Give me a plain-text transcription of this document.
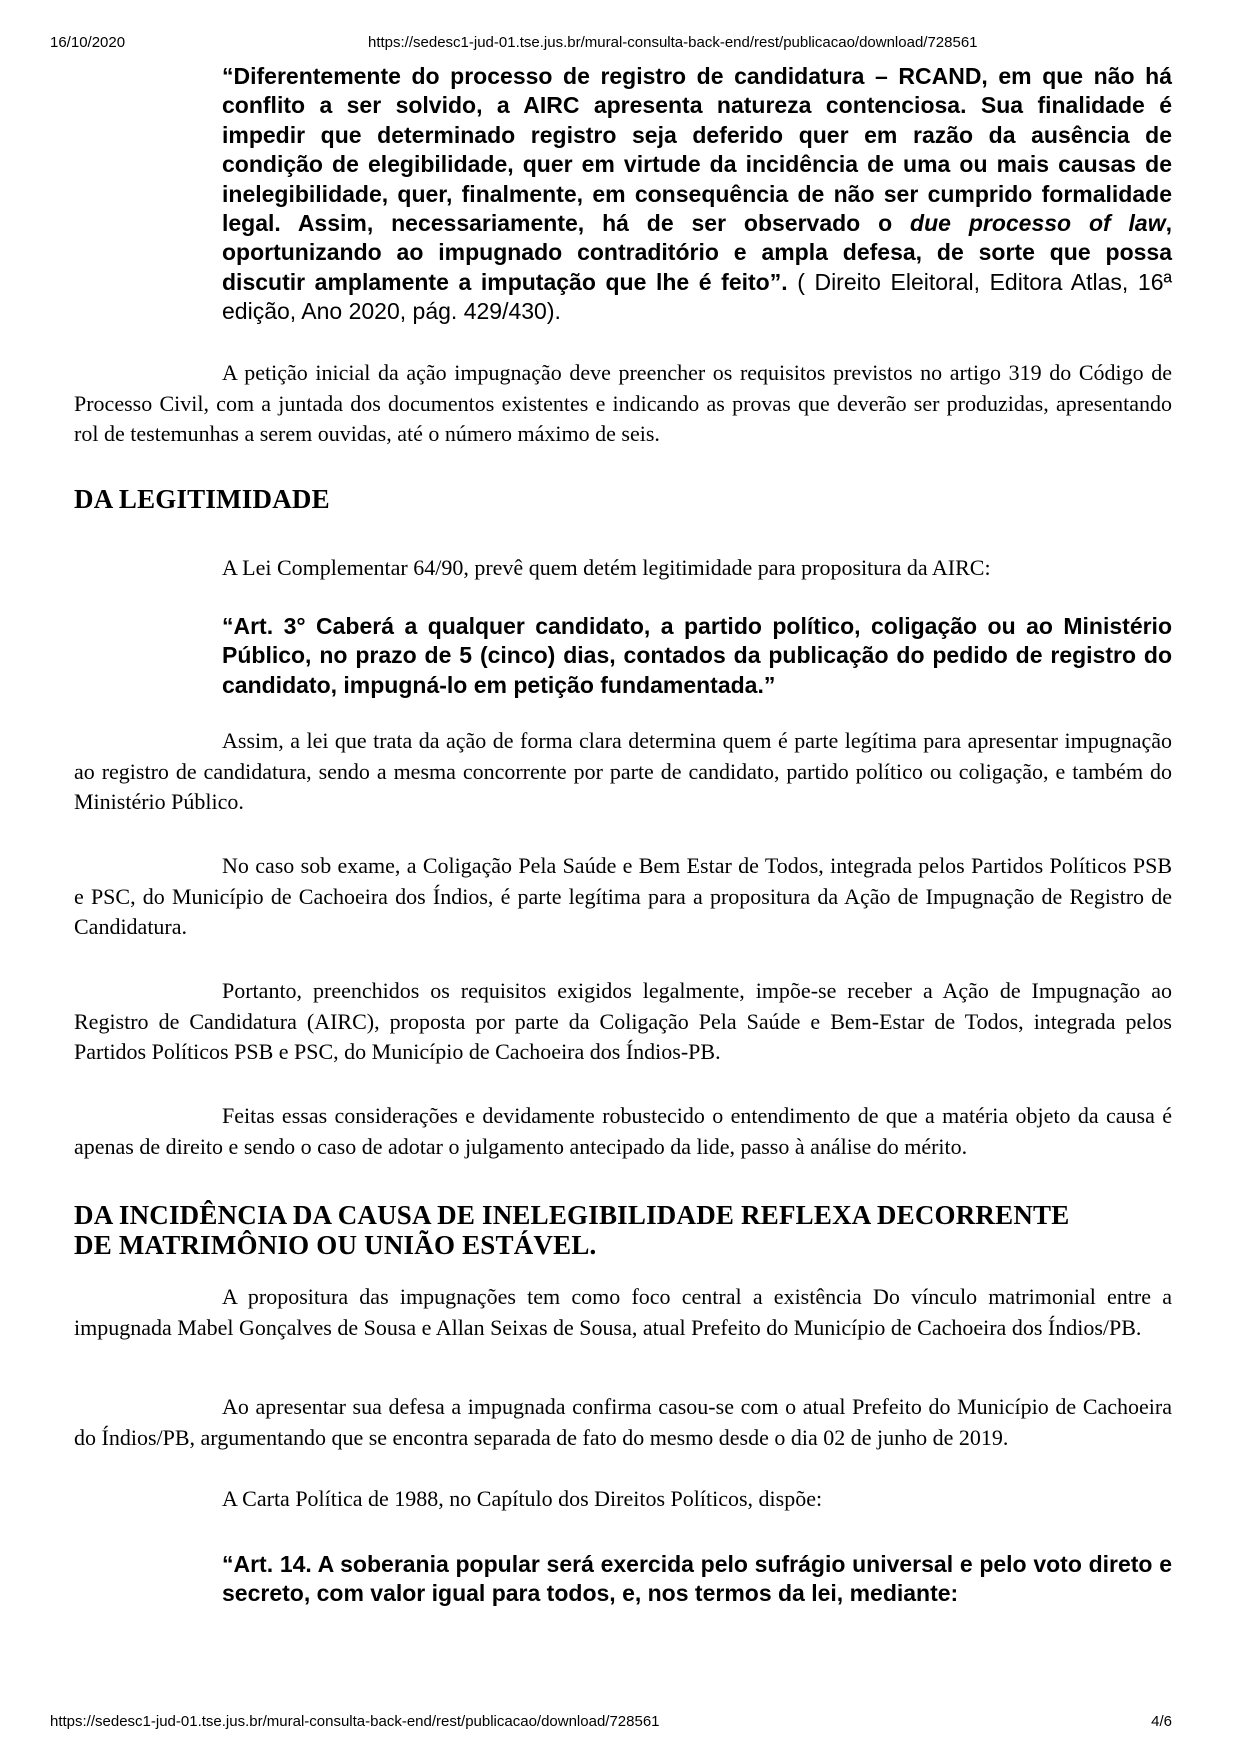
16/10/2020	https://sedesc1-jud-01.tse.jus.br/mural-consulta-back-end/rest/publicacao/download/728561

“Diferentemente do processo de registro de candidatura – RCAND, em que não há conflito a ser solvido, a AIRC apresenta natureza contenciosa. Sua finalidade é impedir que determinado registro seja deferido quer em razão da ausência de condição de elegibilidade, quer em virtude da incidência de uma ou mais causas de inelegibilidade, quer, finalmente, em consequência de não ser cumprido formalidade legal. Assim, necessariamente, há de ser observado o due processo of law, oportunizando ao impugnado contraditório e ampla defesa, de sorte que possa discutir amplamente a imputação que lhe é feito”. ( Direito Eleitoral, Editora Atlas, 16ª edição, Ano 2020, pág. 429/430).

A petição inicial da ação impugnação deve preencher os requisitos previstos no artigo 319 do Código de Processo Civil, com a juntada dos documentos existentes e indicando as provas que deverão ser produzidas, apresentando rol de testemunhas a serem ouvidas, até o número máximo de seis.

DA LEGITIMIDADE

A Lei Complementar 64/90, prevê quem detém legitimidade para propositura da AIRC:

“Art. 3° Caberá a qualquer candidato, a partido político, coligação ou ao Ministério Público, no prazo de 5 (cinco) dias, contados da publicação do pedido de registro do candidato, impugná-lo em petição fundamentada.”

Assim, a lei que trata da ação de forma clara determina quem é parte legítima para apresentar impugnação ao registro de candidatura, sendo a mesma concorrente por parte de candidato, partido político ou coligação, e também do Ministério Público.

No caso sob exame, a Coligação Pela Saúde e Bem Estar de Todos, integrada pelos Partidos Políticos PSB e PSC, do Município de Cachoeira dos Índios, é parte legítima para a propositura da Ação de Impugnação de Registro de Candidatura.

Portanto, preenchidos os requisitos exigidos legalmente, impõe-se receber a Ação de Impugnação ao Registro de Candidatura (AIRC), proposta por parte da Coligação Pela Saúde e Bem-Estar de Todos, integrada pelos Partidos Políticos PSB e PSC, do Município de Cachoeira dos Índios-PB.

Feitas essas considerações e devidamente robustecido o entendimento de que a matéria objeto da causa é apenas de direito e sendo o caso de adotar o julgamento antecipado da lide, passo à análise do mérito.

DA INCIDÊNCIA DA CAUSA DE INELEGIBILIDADE REFLEXA DECORRENTE
DE MATRIMÔNIO OU UNIÃO ESTÁVEL.

A propositura das impugnações tem como foco central a existência Do vínculo matrimonial entre a impugnada Mabel Gonçalves de Sousa e Allan Seixas de Sousa, atual Prefeito do Município de Cachoeira dos Índios/PB.

Ao apresentar sua defesa a impugnada confirma casou-se com o atual Prefeito do Município de Cachoeira do Índios/PB, argumentando que se encontra separada de fato do mesmo desde o dia 02 de junho de 2019.

A Carta Política de 1988, no Capítulo dos Direitos Políticos, dispõe:

“Art. 14. A soberania popular será exercida pelo sufrágio universal e pelo voto direto e secreto, com valor igual para todos, e, nos termos da lei, mediante:

https://sedesc1-jud-01.tse.jus.br/mural-consulta-back-end/rest/publicacao/download/728561	4/6
